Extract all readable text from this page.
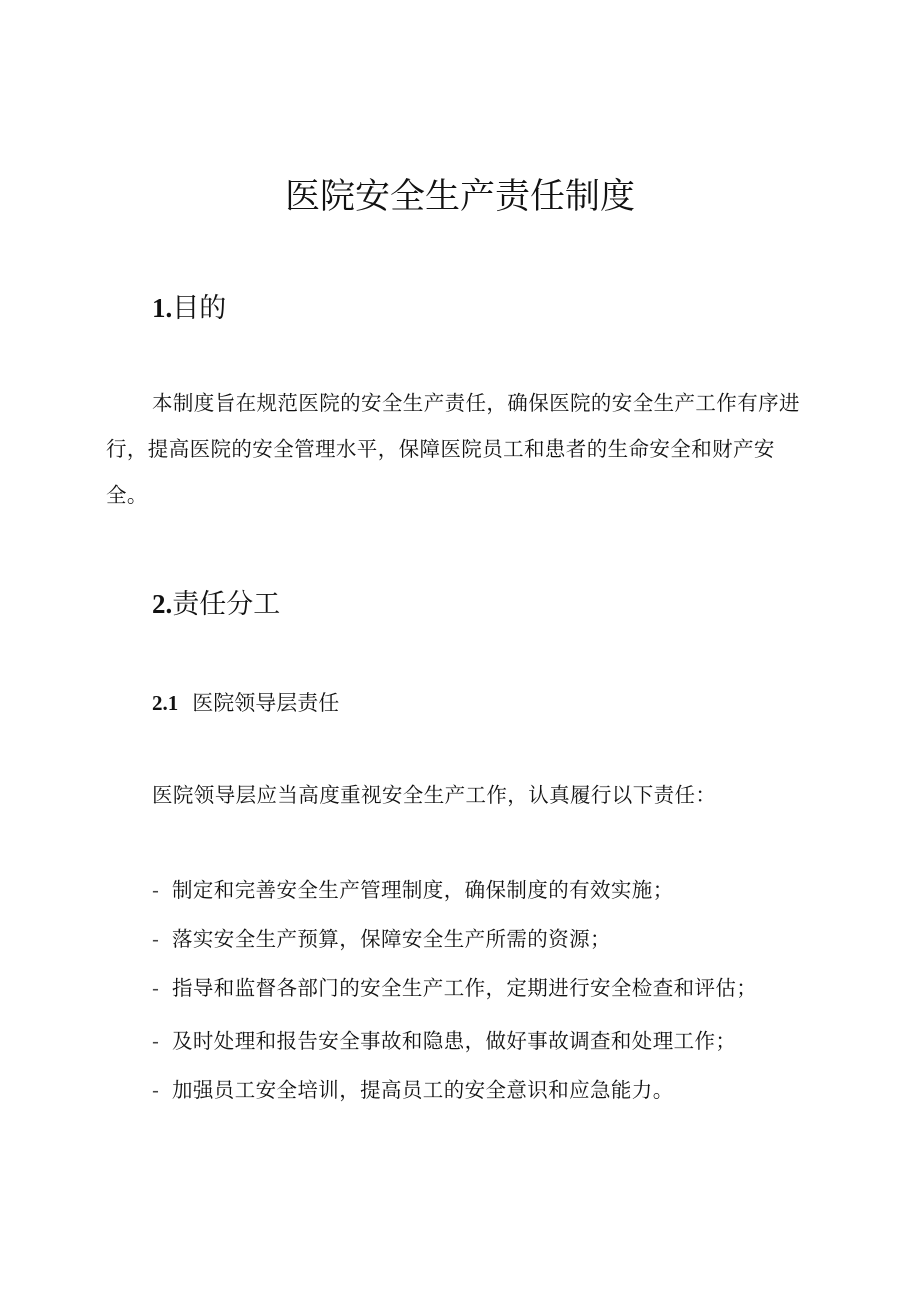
医院安全生产责任制度
1.目的
本制度旨在规范医院的安全生产责任，确保医院的安全生产工作有序进行，提高医院的安全管理水平，保障医院员工和患者的生命安全和财产安全。
2.责任分工
2.1 医院领导层责任
医院领导层应当高度重视安全生产工作，认真履行以下责任：
- 制定和完善安全生产管理制度，确保制度的有效实施；
- 落实安全生产预算，保障安全生产所需的资源；
- 指导和监督各部门的安全生产工作，定期进行安全检查和评估；
- 及时处理和报告安全事故和隐患，做好事故调查和处理工作；
- 加强员工安全培训，提高员工的安全意识和应急能力。
